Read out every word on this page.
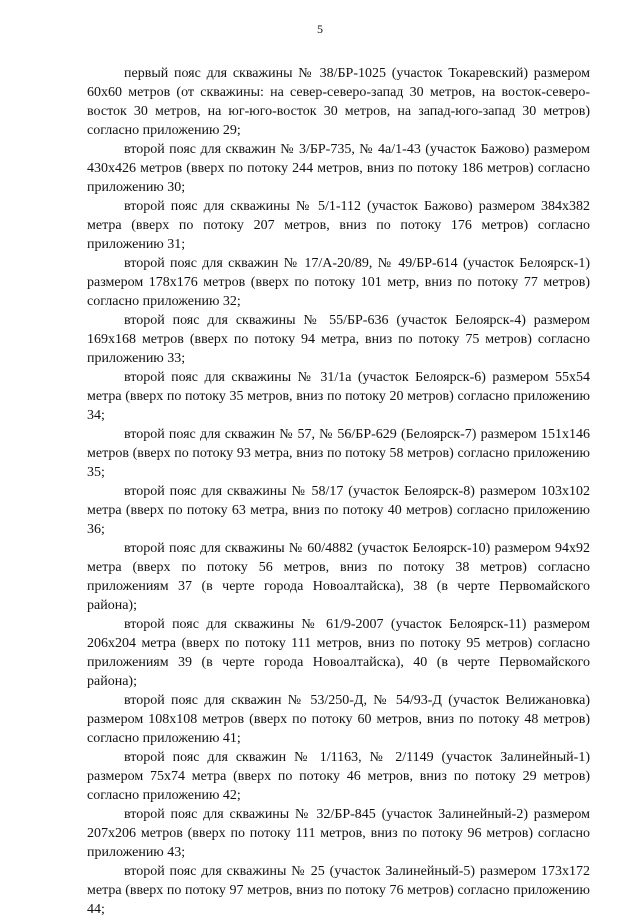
5

первый пояс для скважины № 38/БР-1025 (участок Токаревский) размером 60х60 метров (от скважины: на север-северо-запад 30 метров, на восток-северо-восток 30 метров, на юг-юго-восток 30 метров, на запад-юго-запад 30 метров) согласно приложению 29;

второй пояс для скважин № 3/БР-735, № 4а/1-43 (участок Бажово) размером 430х426 метров (вверх по потоку 244 метров, вниз по потоку 186 метров) согласно приложению 30;

второй пояс для скважины № 5/1-112 (участок Бажово) размером 384х382 метра (вверх по потоку 207 метров, вниз по потоку 176 метров) согласно приложению 31;

второй пояс для скважин № 17/А-20/89, № 49/БР-614 (участок Белоярск-1) размером 178х176 метров (вверх по потоку 101 метр, вниз по потоку 77 метров) согласно приложению 32;

второй пояс для скважины № 55/БР-636 (участок Белоярск-4) размером 169х168 метров (вверх по потоку 94 метра, вниз по потоку 75 метров) согласно приложению 33;

второй пояс для скважины № 31/1а (участок Белоярск-6) размером 55х54 метра (вверх по потоку 35 метров, вниз по потоку 20 метров) согласно приложению 34;

второй пояс для скважин № 57, № 56/БР-629 (Белоярск-7) размером 151х146 метров (вверх по потоку 93 метра, вниз по потоку 58 метров) согласно приложению 35;

второй пояс для скважины № 58/17 (участок Белоярск-8) размером 103х102 метра (вверх по потоку 63 метра, вниз по потоку 40 метров) согласно приложению 36;

второй пояс для скважины № 60/4882 (участок Белоярск-10) размером 94х92 метра (вверх по потоку 56 метров, вниз по потоку 38 метров) согласно приложениям 37 (в черте города Новоалтайска), 38 (в черте Первомайского района);

второй пояс для скважины № 61/9-2007 (участок Белоярск-11) размером 206х204 метра (вверх по потоку 111 метров, вниз по потоку 95 метров) согласно приложениям 39 (в черте города Новоалтайска), 40 (в черте Первомайского района);

второй пояс для скважин № 53/250-Д, № 54/93-Д (участок Велижановка) размером 108х108 метров (вверх по потоку 60 метров, вниз по потоку 48 метров) согласно приложению 41;

второй пояс для скважин № 1/1163, № 2/1149 (участок Залинейный-1) размером 75х74 метра (вверх по потоку 46 метров, вниз по потоку 29 метров) согласно приложению 42;

второй пояс для скважины № 32/БР-845 (участок Залинейный-2) размером 207х206 метров (вверх по потоку 111 метров, вниз по потоку 96 метров) согласно приложению 43;

второй пояс для скважины № 25 (участок Залинейный-5) размером 173х172 метра (вверх по потоку 97 метров, вниз по потоку 76 метров) согласно приложению 44;
